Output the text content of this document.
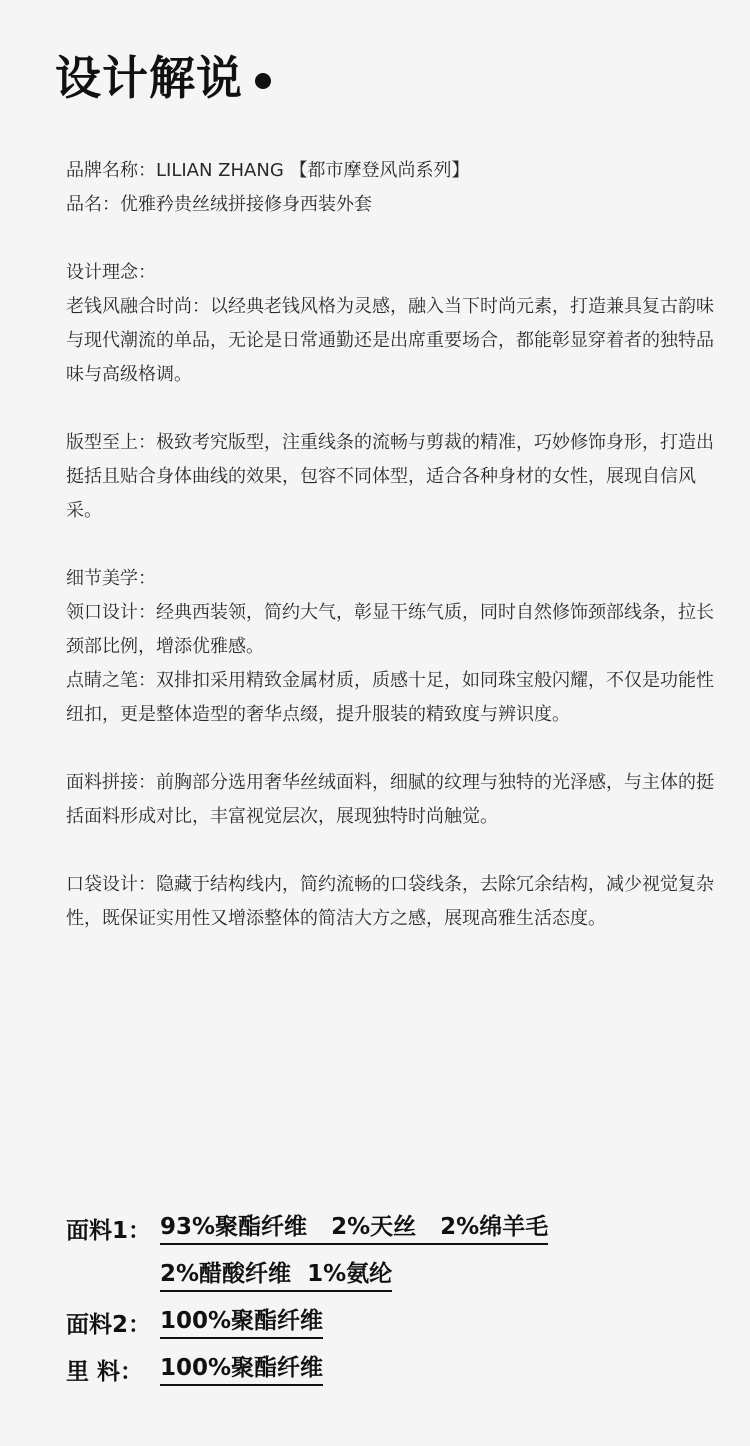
设计解说

品牌名称：LILIAN ZHANG 【都市摩登风尚系列】

品名：优雅矜贵丝绒拼接修身西装外套

设计理念：

老钱风融合时尚：以经典老钱风格为灵感，融入当下时尚元素，打造兼具复古韵味与现代潮流的单品，无论是日常通勤还是出席重要场合，都能彰显穿着者的独特品味与高级格调。

版型至上：极致考究版型，注重线条的流畅与剪裁的精准，巧妙修饰身形，打造出挺括且贴合身体曲线的效果，包容不同体型，适合各种身材的女性，展现自信风采。

细节美学：

领口设计：经典西装领，简约大气，彰显干练气质，同时自然修饰颈部线条，拉长颈部比例，增添优雅感。

点睛之笔：双排扣采用精致金属材质，质感十足，如同珠宝般闪耀，不仅是功能性纽扣，更是整体造型的奢华点缀，提升服装的精致度与辨识度。

面料拼接：前胸部分选用奢华丝绒面料，细腻的纹理与独特的光泽感，与主体的挺括面料形成对比，丰富视觉层次，展现独特时尚触觉。

口袋设计：隐藏于结构线内，简约流畅的口袋线条，去除冗余结构，减少视觉复杂性，既保证实用性又增添整体的简洁大方之感，展现高雅生活态度。

面料1： 93%聚酯纤维   2%天丝   2%绵羊毛
2%醋酸纤维  1%氨纶
面料2： 100%聚酯纤维
里 料： 100%聚酯纤维
